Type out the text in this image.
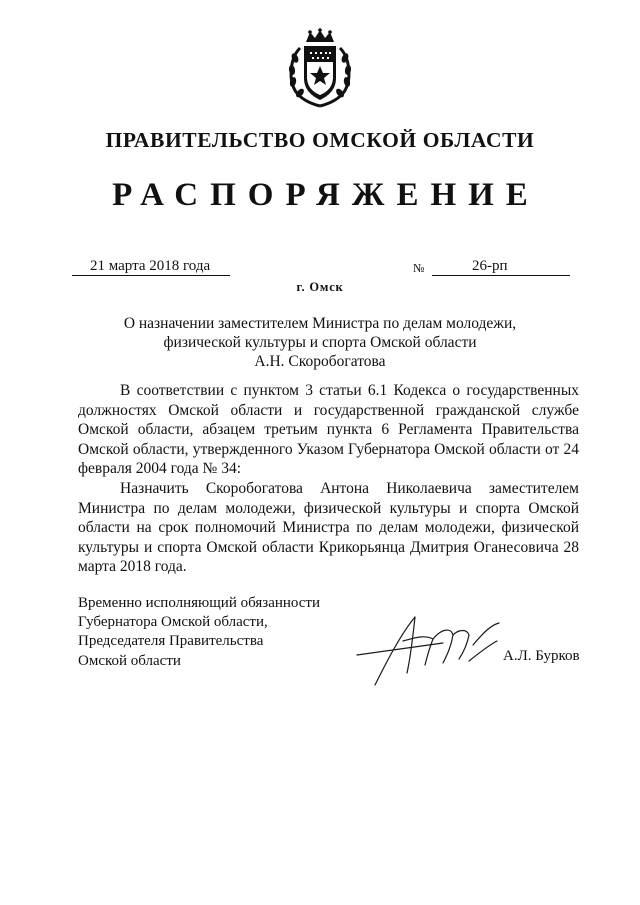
ПРАВИТЕЛЬСТВО ОМСКОЙ ОБЛАСТИ
РАСПОРЯЖЕНИЕ
21 марта 2018 года	№	26-рп
г. Омск
О назначении заместителем Министра по делам молодежи,
физической культуры и спорта Омской области
А.Н. Скоробогатова

В соответствии с пунктом 3 статьи 6.1 Кодекса о государственных должностях Омской области и государственной гражданской службе Омской области, абзацем третьим пункта 6 Регламента Правительства Омской области, утвержденного Указом Губернатора Омской области от 24 февраля 2004 года № 34:

Назначить Скоробогатова Антона Николаевича заместителем Министра по делам молодежи, физической культуры и спорта Омской области на срок полномочий Министра по делам молодежи, физической культуры и спорта Омской области Крикорьянца Дмитрия Оганесовича 28 марта 2018 года.

Временно исполняющий обязанности
Губернатора Омской области,
Председателя Правительства
Омской области	А.Л. Бурков
